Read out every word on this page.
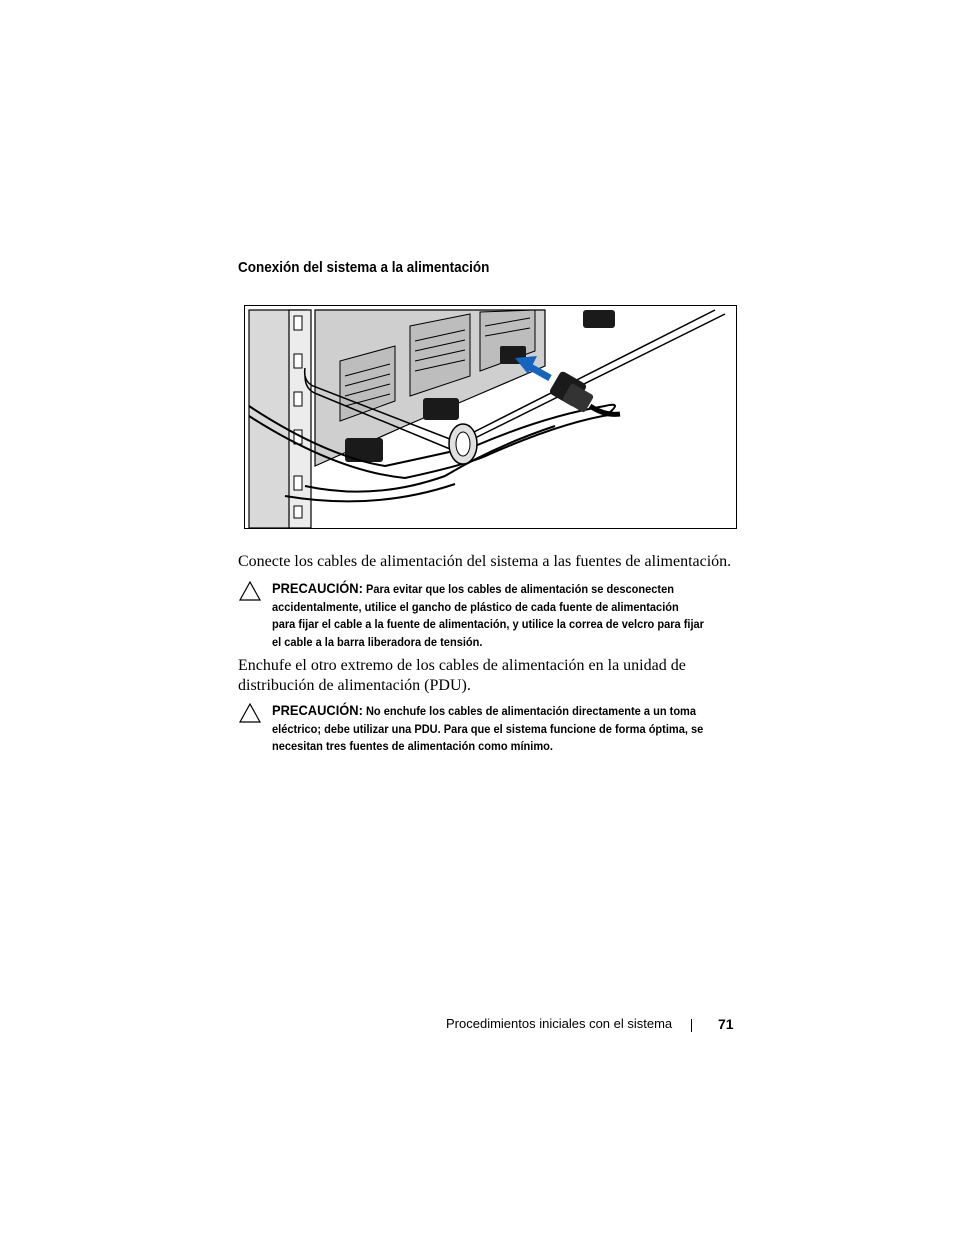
Conexión del sistema a la alimentación
Conecte los cables de alimentación del sistema a las fuentes de alimentación.
PRECAUCIÓN: Para evitar que los cables de alimentación se desconecten accidentalmente, utilice el gancho de plástico de cada fuente de alimentación para fijar el cable a la fuente de alimentación, y utilice la correa de velcro para fijar el cable a la barra liberadora de tensión.
Enchufe el otro extremo de los cables de alimentación en la unidad de distribución de alimentación (PDU).
PRECAUCIÓN: No enchufe los cables de alimentación directamente a un toma eléctrico; debe utilizar una PDU. Para que el sistema funcione de forma óptima, se necesitan tres fuentes de alimentación como mínimo.
Procedimientos iniciales con el sistema	71
